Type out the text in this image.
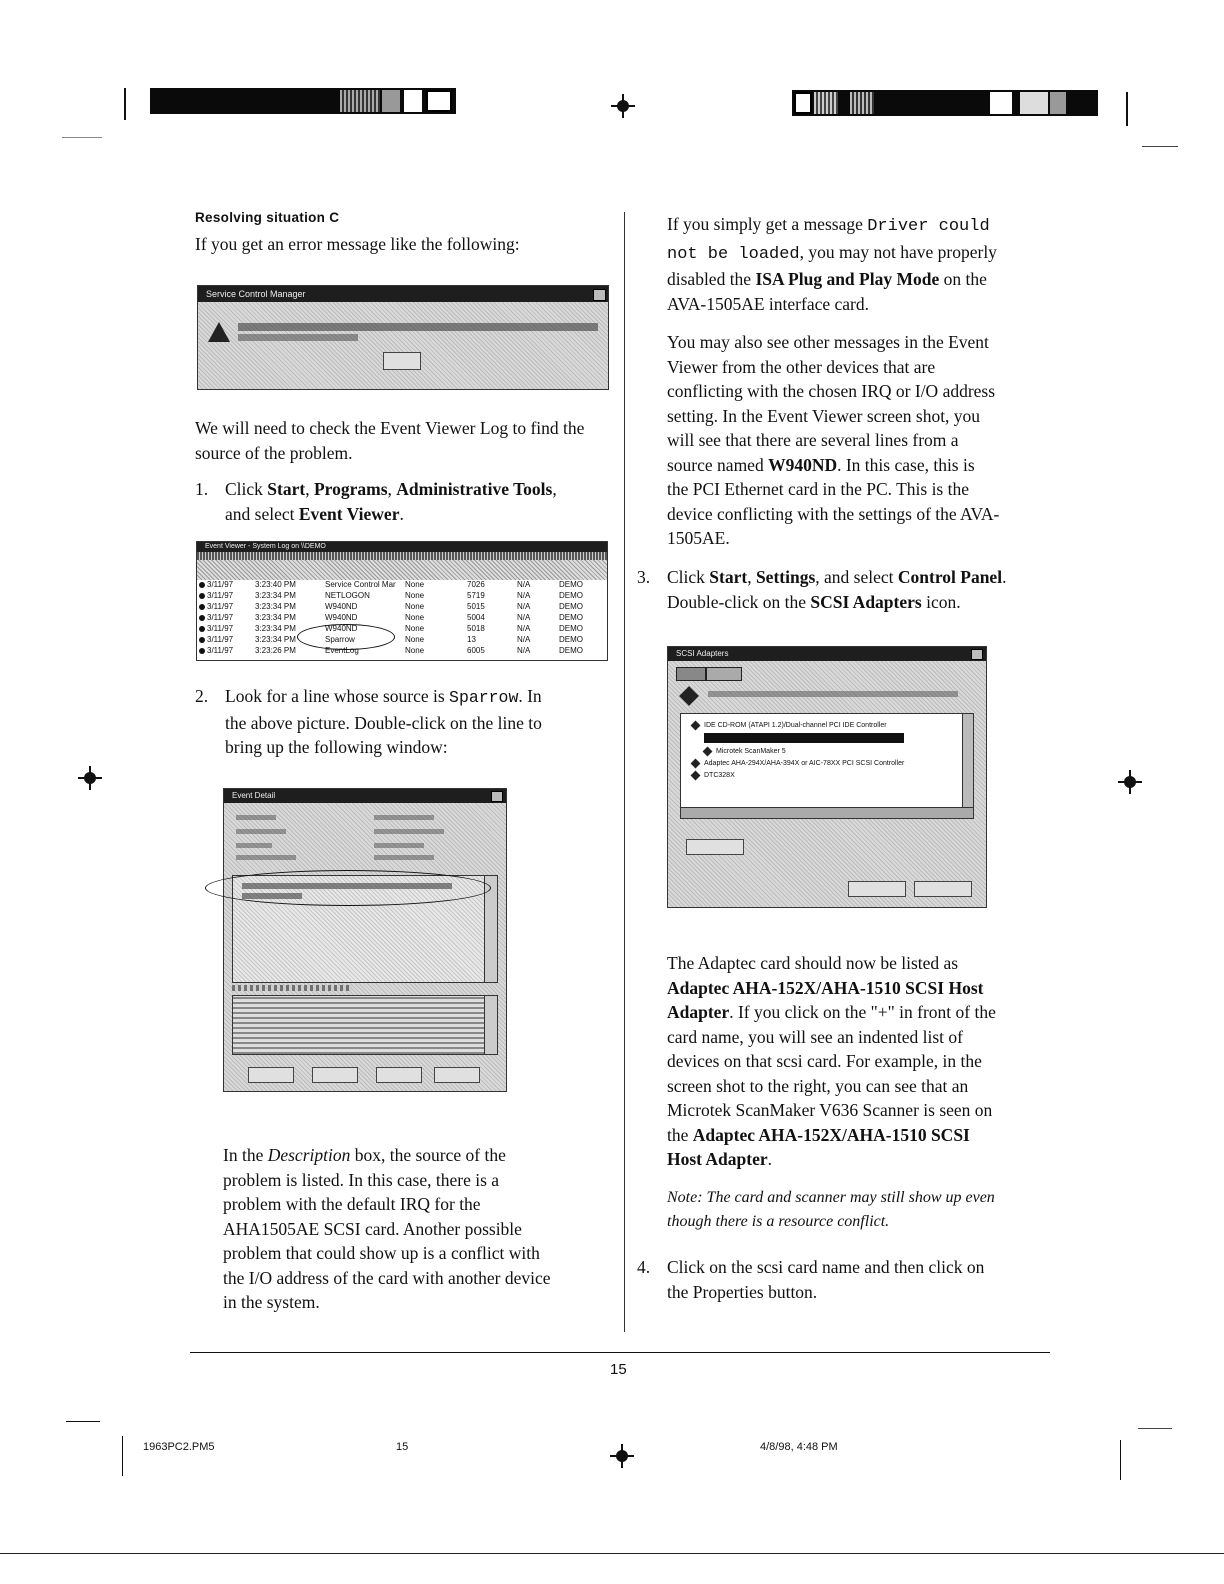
Resolving situation C
If you get an error message like the following:
Service Control Manager
We will need to check the Event Viewer Log to find the source of the problem.
1. Click Start, Programs, Administrative Tools,
and select Event Viewer.
Event Viewer - System Log on \\DEMO
3/11/97	3:23:40 PM	Service Control Mar None	7026	N/A	DEMO
3/11/97	3:23:34 PM	NETLOGON	None	5719	N/A	DEMO
3/11/97	3:23:34 PM	W940ND	None	5015	N/A	DEMO
3/11/97	3:23:34 PM	W940ND	None	5004	N/A	DEMO
3/11/97	3:23:34 PM	W940ND	None	5018	N/A	DEMO
3/11/97	3:23:34 PM	Sparrow	None	13	N/A	DEMO
3/11/97	3:23:26 PM	EventLog	None	6005	N/A	DEMO
2. Look for a line whose source is Sparrow. In
the above picture. Double-click on the line to
bring up the following window:
Event Detail
In the Description box, the source of the
problem is listed. In this case, there is a
problem with the default IRQ for the
AHA1505AE SCSI card. Another possible
problem that could show up is a conflict with
the I/O address of the card with another device
in the system.
If you simply get a message Driver could
not be loaded, you may not have properly
disabled the ISA Plug and Play Mode on the
AVA-1505AE interface card.
You may also see other messages in the Event
Viewer from the other devices that are
conflicting with the chosen IRQ or I/O address
setting. In the Event Viewer screen shot, you
will see that there are several lines from a
source named W940ND. In this case, this is
the PCI Ethernet card in the PC. This is the
device conflicting with the settings of the AVA-
1505AE.
3. Click Start, Settings, and select Control Panel.
Double-click on the SCSI Adapters icon.
SCSI Adapters
IDE CD-ROM (ATAPI 1.2)/Dual-channel PCI IDE Controller
Microtek ScanMaker 5
Adaptec AHA-294X/AHA-394X or AIC-78XX PCI SCSI Controller
DTC328X
The Adaptec card should now be listed as
Adaptec AHA-152X/AHA-1510 SCSI Host
Adapter. If you click on the "+" in front of the
card name, you will see an indented list of
devices on that scsi card. For example, in the
screen shot to the right, you can see that an
Microtek ScanMaker V636 Scanner is seen on
the Adaptec AHA-152X/AHA-1510 SCSI
Host Adapter.
Note: The card and scanner may still show up even
though there is a resource conflict.
4. Click on the scsi card name and then click on
the Properties button.
15
1963PC2.PM5	15	4/8/98, 4:48 PM
